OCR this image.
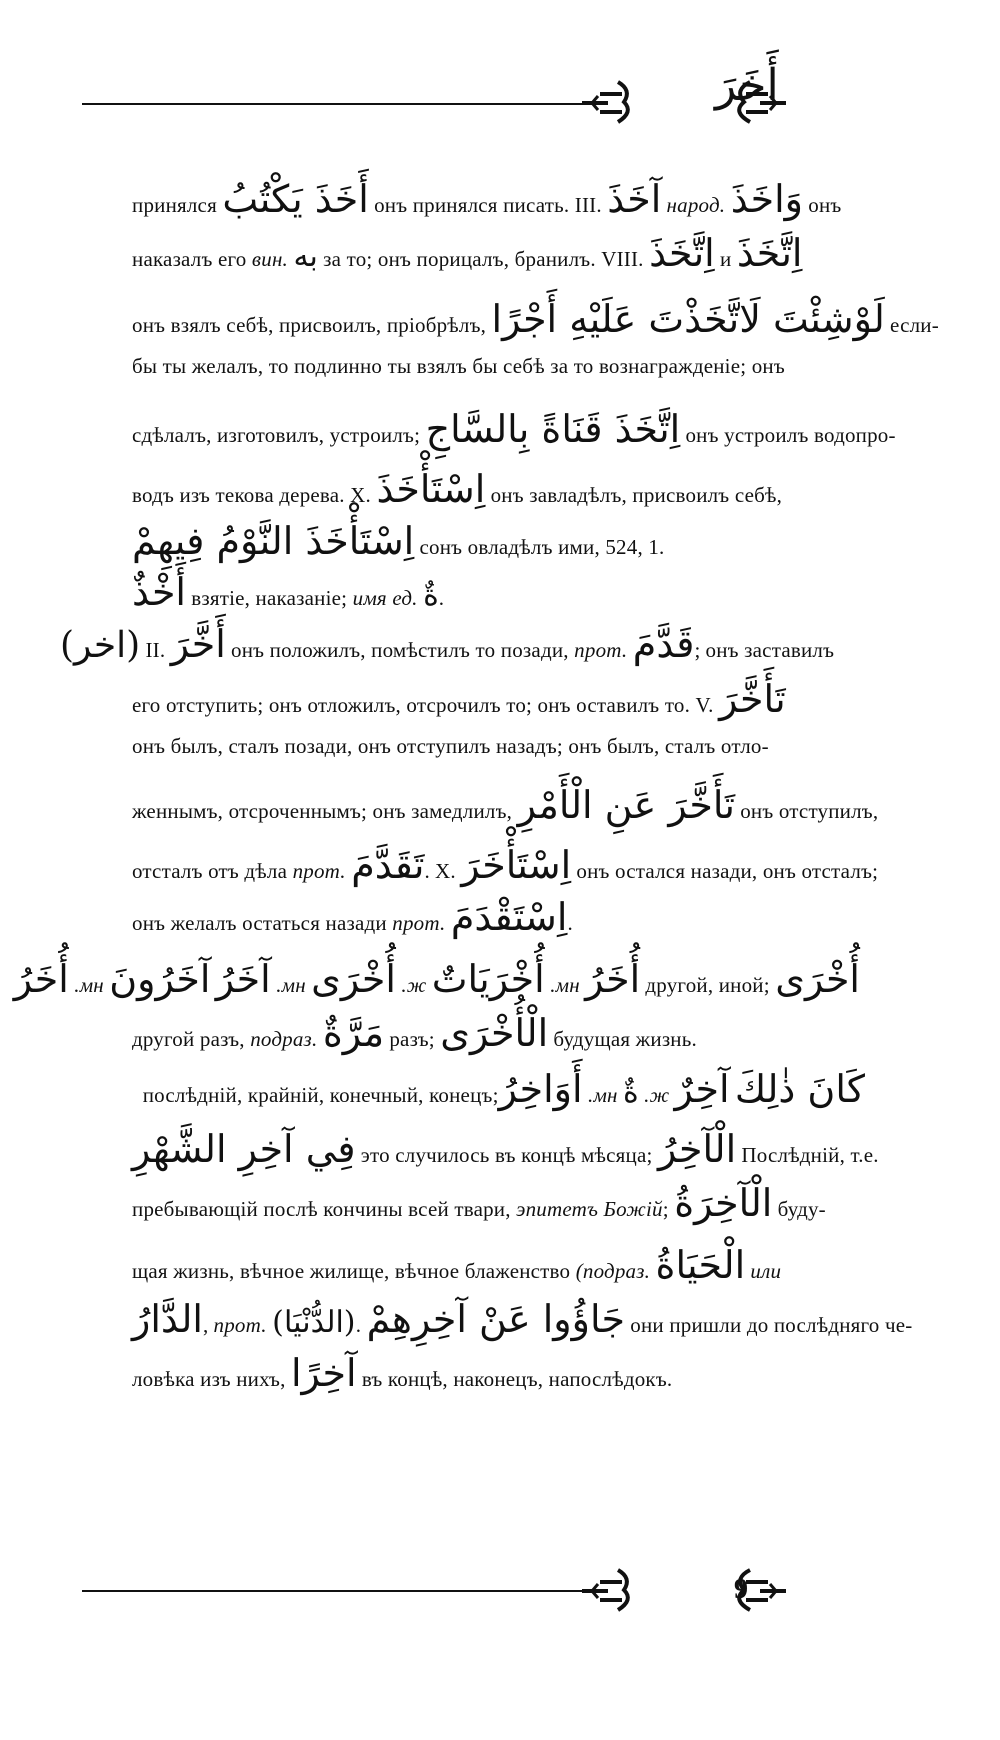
أَخَرَ
принялся أَخَذَ يَكْتُبُ онъ принялся писать. III. آخَذَ народ. وَاخَذَ онъ
наказалъ его вин. به за то; онъ порицалъ, бранилъ. VIII. اِتَّخَذَ и اِتَّخَذَ
онъ взялъ себѣ, присвоилъ, пріобрѣлъ, لَوْشِئْتَ لَاتَّخَذْتَ عَلَيْهِ أَجْرًا если-
бы ты желалъ, то подлинно ты взялъ бы себѣ за то вознагражденіе; онъ
сдѣлалъ, изготовилъ, устроилъ; اِتَّخَذَ قَنَاةً بِالسَّاجِ онъ устроилъ водопро-
водъ изъ текова дерева. X. اِسْتَأْخَذَ онъ завладѣлъ, присвоилъ себѣ,
اِسْتَأْخَذَ النَّوْمُ فِيهِمْ сонъ овладѣлъ ими, 524, 1.
أَخْذٌ взятіе, наказаніе; имя ед. ةٌ.
(اخر) II. أَخَّرَ онъ положилъ, помѣстилъ то позади, прот. قَدَّمَ; онъ заставилъ
его отступить; онъ отложилъ, отсрочилъ то; онъ оставилъ то. V. تَأَخَّرَ
онъ былъ, сталъ позади, онъ отступилъ назадъ; онъ былъ, сталъ отло-
женнымъ, отсроченнымъ; онъ замедлилъ, تَأَخَّرَ عَنِ الْأَمْرِ онъ отступилъ,
отсталъ отъ дѣла прот. تَقَدَّمَ. X. اِسْتَأْخَرَ онъ остался назади, онъ отсталъ;
онъ желалъ остаться назади прот. اِسْتَقْدَمَ.
أُخْرَى другой, иной; أُخَرُ мн. أُخْرَيَاتٌ ж. أُخْرَى мн. آخَرُ آخَرُونَ мн. أُخَرُ
другой разъ, подраз. مَرَّةٌ разъ; الْأُخْرَى будущая жизнь.
كَانَ ذٰلِكَ آخِرٌ ж. ةٌ мн. أَوَاخِرُ послѣдній, крайній, конечный, конецъ;
فِي آخِرِ الشَّهْرِ это случилось въ концѣ мѣсяца; الْآخِرُ Послѣдній, т.е.
пребывающій послѣ кончины всей твари, эпитетъ Божій; الْآخِرَةُ буду-
щая жизнь, вѣчное жилище, вѣчное блаженство (подраз. الْحَيَاةُ или
الدَّارُ, прот. (الدُّنْيَا). جَاؤُوا عَنْ آخِرِهِمْ они пришли до послѣдняго че-
ловѣка изъ нихъ, آخِرًا въ концѣ, наконецъ, напослѣдокъ.
9
